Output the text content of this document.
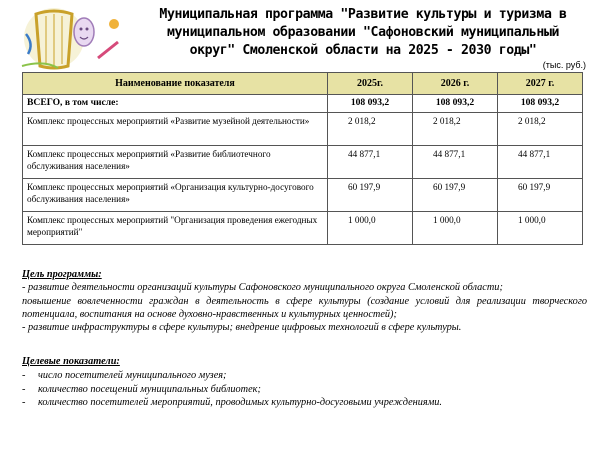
Муниципальная программа "Развитие культуры и туризма в
муниципальном образовании "Сафоновский муниципальный
округ" Смоленской области на 2025 - 2030 годы"
(тыс. руб.)
Наименование показателя	2025г.	2026 г.	2027 г.
ВСЕГО, в том числе:	108 093,2	108 093,2	108 093,2
Комплекс процессных мероприятий «Развитие музейной деятельности»	2 018,2	2 018,2	2 018,2
Комплекс процессных мероприятий «Развитие библиотечного обслуживания населения»	44 877,1	44 877,1	44 877,1
Комплекс процессных мероприятий «Организация культурно-досугового обслуживания населения»	60 197,9	60 197,9	60 197,9
Комплекс процессных мероприятий "Организация проведения ежегодных мероприятий"	1 000,0	1 000,0	1 000,0

Цель программы:

- развитие деятельности организаций культуры Сафоновского муниципального округа Смоленской области;

повышение вовлеченности граждан в деятельность в сфере культуры (создание условий для реализации творческого потенциала, воспитания на основе духовно-нравственных и культурных ценностей);

- развитие инфраструктуры в сфере культуры; внедрение цифровых технологий в сфере культуры.

Целевые показатели:
- число посетителей муниципального музея;
- количество посещений муниципальных библиотек;
- количество посетителей мероприятий, проводимых культурно-досуговыми учреждениями.
